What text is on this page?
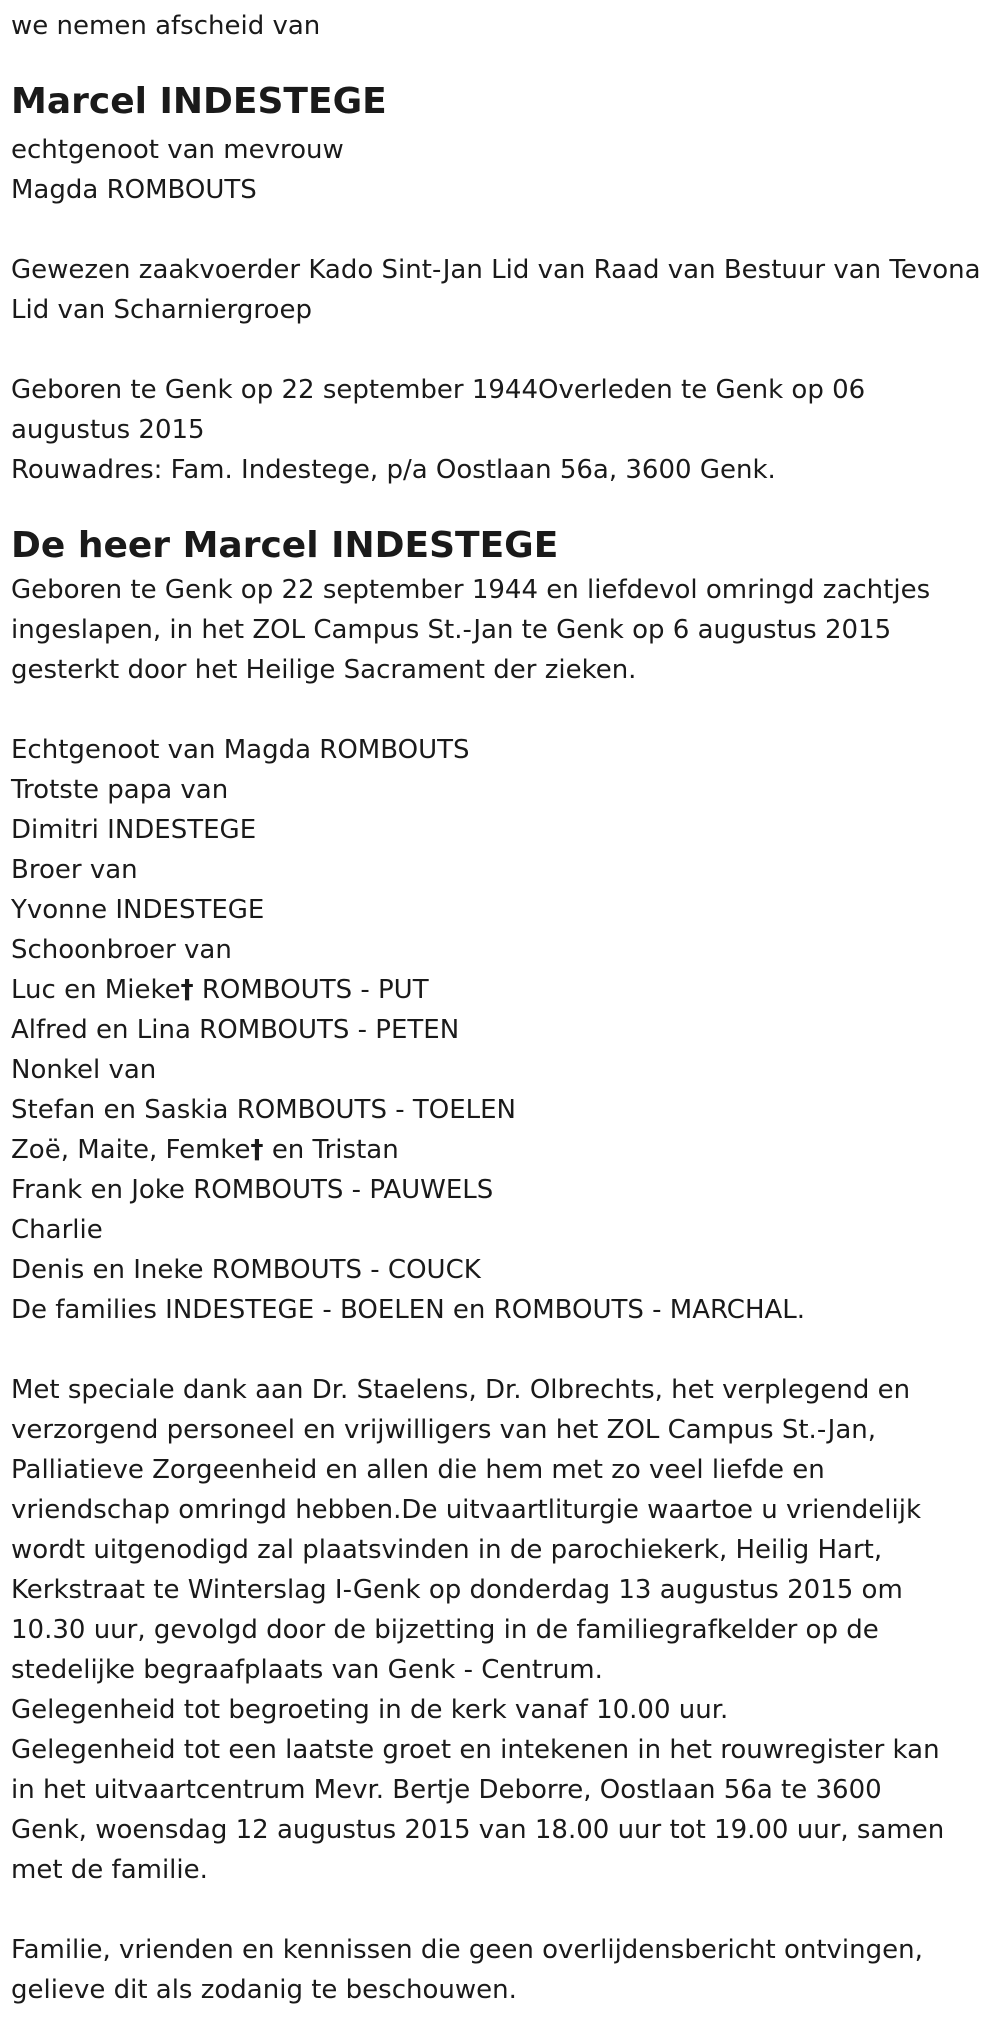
we nemen afscheid van

Marcel INDESTEGE

echtgenoot van mevrouw

Magda ROMBOUTS

Gewezen zaakvoerder Kado Sint-Jan Lid van Raad van Bestuur van Tevona

Lid van Scharniergroep

Geboren te Genk op 22 september 1944Overleden te Genk op 06

augustus 2015

Rouwadres: Fam. Indestege, p/a Oostlaan 56a, 3600 Genk.

De heer Marcel INDESTEGE

Geboren te Genk op 22 september 1944 en liefdevol omringd zachtjes

ingeslapen, in het ZOL Campus St.-Jan te Genk op 6 augustus 2015

gesterkt door het Heilige Sacrament der zieken.

Echtgenoot van Magda ROMBOUTS

Trotste papa van

Dimitri INDESTEGE

Broer van

Yvonne INDESTEGE

Schoonbroer van

Luc en Mieke† ROMBOUTS - PUT

Alfred en Lina ROMBOUTS - PETEN

Nonkel van

Stefan en Saskia ROMBOUTS - TOELEN

Zoë, Maite, Femke† en Tristan

Frank en Joke ROMBOUTS - PAUWELS

Charlie

Denis en Ineke ROMBOUTS - COUCK

De families INDESTEGE - BOELEN en ROMBOUTS - MARCHAL.

Met speciale dank aan Dr. Staelens, Dr. Olbrechts, het verplegend en

verzorgend personeel en vrijwilligers van het ZOL Campus St.-Jan,

Palliatieve Zorgeenheid en allen die hem met zo veel liefde en

vriendschap omringd hebben.De uitvaartliturgie waartoe u vriendelijk

wordt uitgenodigd zal plaatsvinden in de parochiekerk, Heilig Hart,

Kerkstraat te Winterslag I-Genk op donderdag 13 augustus 2015 om

10.30 uur, gevolgd door de bijzetting in de familiegrafkelder op de

stedelijke begraafplaats van Genk - Centrum.

Gelegenheid tot begroeting in de kerk vanaf 10.00 uur.

Gelegenheid tot een laatste groet en intekenen in het rouwregister kan

in het uitvaartcentrum Mevr. Bertje Deborre, Oostlaan 56a te 3600

Genk, woensdag 12 augustus 2015 van 18.00 uur tot 19.00 uur, samen

met de familie.

Familie, vrienden en kennissen die geen overlijdensbericht ontvingen,

gelieve dit als zodanig te beschouwen.
